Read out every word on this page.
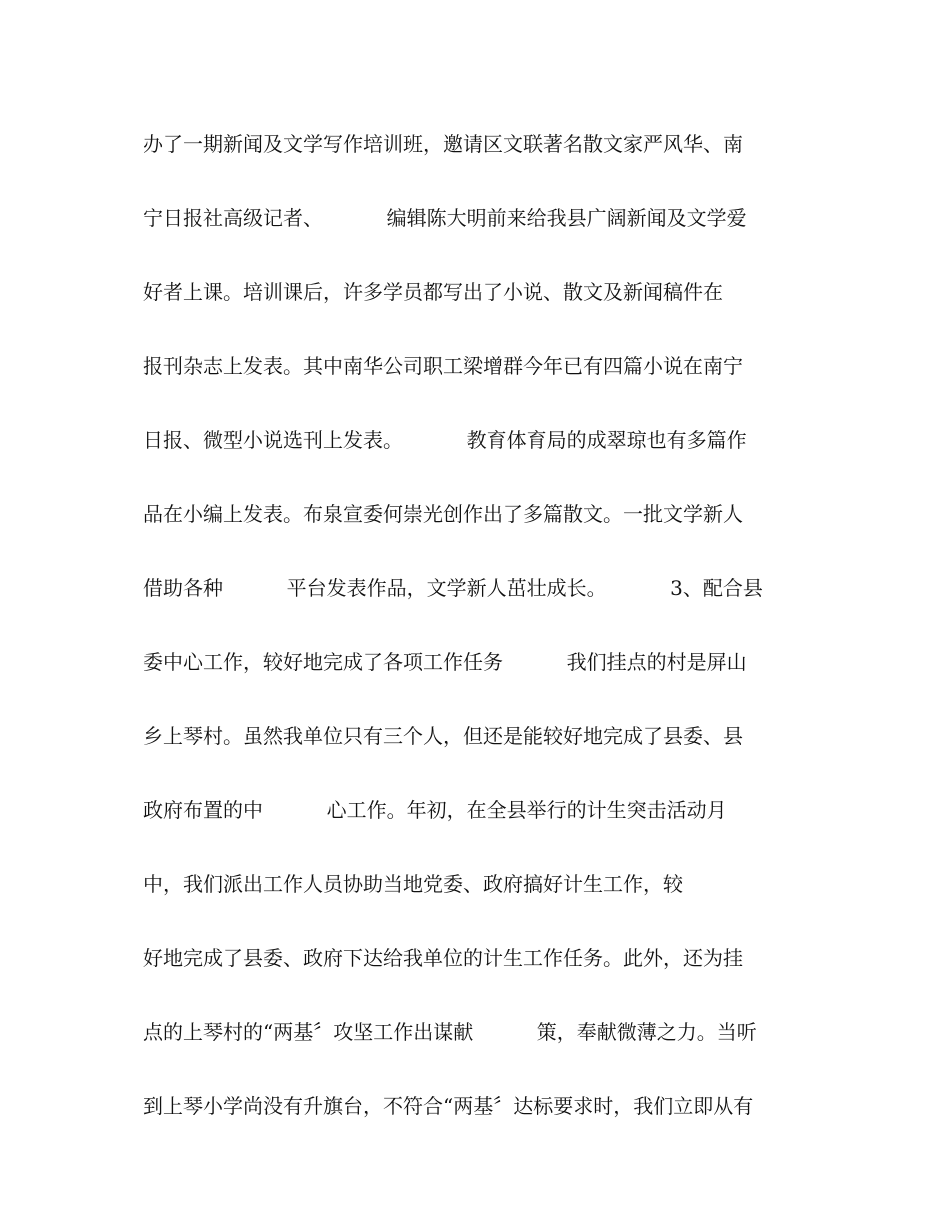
办了一期新闻及文学写作培训班，邀请区文联著名散文家严风华、南
宁日报社高级记者、          编辑陈大明前来给我县广阔新闻及文学爱
好者上课。培训课后，许多学员都写出了小说、散文及新闻稿件在
报刊杂志上发表。其中南华公司职工梁增群今年已有四篇小说在南宁
日报、微型小说选刊上发表。          教育体育局的成翠琼也有多篇作
品在小编上发表。布泉宣委何崇光创作出了多篇散文。一批文学新人
借助各种          平台发表作品，文学新人茁壮成长。          3、配合县
委中心工作，较好地完成了各项工作任务          我们挂点的村是屏山
乡上琴村。虽然我单位只有三个人，但还是能较好地完成了县委、县
政府布置的中          心工作。年初，在全县举行的计生突击活动月
中，我们派出工作人员协助当地党委、政府搞好计生工作，较
好地完成了县委、政府下达给我单位的计生工作任务。此外，还为挂
点的上琴村的“两基〞攻坚工作出谋献          策，奉献微薄之力。当听
到上琴小学尚没有升旗台，不符合“两基〞达标要求时，我们立即从有
